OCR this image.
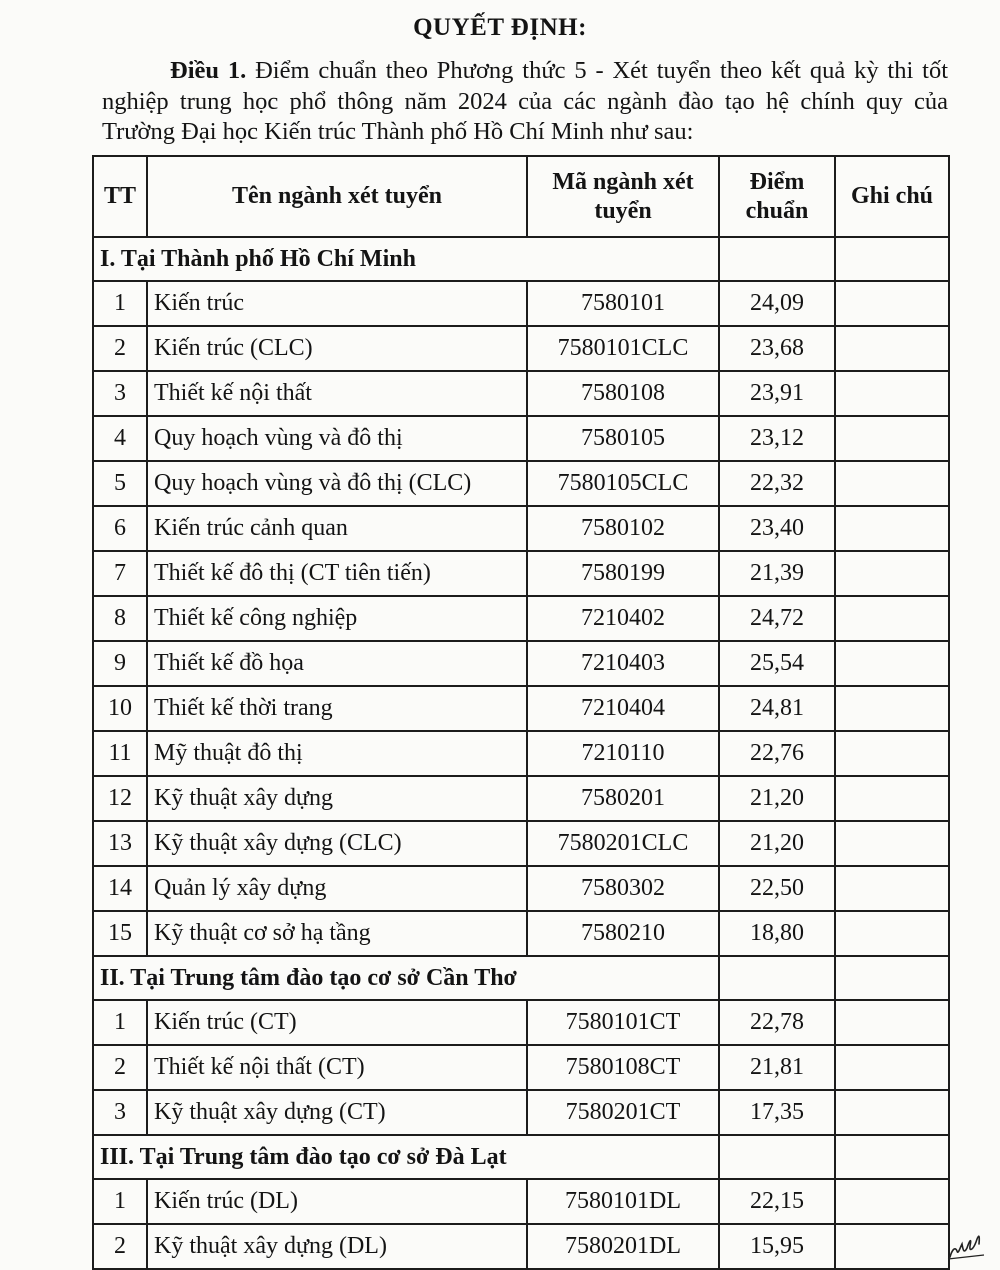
QUYẾT ĐỊNH:

Điều 1. Điểm chuẩn theo Phương thức 5 - Xét tuyển theo kết quả kỳ thi tốt nghiệp trung học phổ thông năm 2024 của các ngành đào tạo hệ chính quy của Trường Đại học Kiến trúc Thành phố Hồ Chí Minh như sau:

TT	Tên ngành xét tuyển	Mã ngành xét tuyển	Điểm chuẩn	Ghi chú
I. Tại Thành phố Hồ Chí Minh				
1	Kiến trúc	7580101	24,09	
2	Kiến trúc (CLC)	7580101CLC	23,68	
3	Thiết kế nội thất	7580108	23,91	
4	Quy hoạch vùng và đô thị	7580105	23,12	
5	Quy hoạch vùng và đô thị (CLC)	7580105CLC	22,32	
6	Kiến trúc cảnh quan	7580102	23,40	
7	Thiết kế đô thị (CT tiên tiến)	7580199	21,39	
8	Thiết kế công nghiệp	7210402	24,72	
9	Thiết kế đồ họa	7210403	25,54	
10	Thiết kế thời trang	7210404	24,81	
11	Mỹ thuật đô thị	7210110	22,76	
12	Kỹ thuật xây dựng	7580201	21,20	
13	Kỹ thuật xây dựng (CLC)	7580201CLC	21,20	
14	Quản lý xây dựng	7580302	22,50	
15	Kỹ thuật cơ sở hạ tầng	7580210	18,80	
II. Tại Trung tâm đào tạo cơ sở Cần Thơ				
1	Kiến trúc (CT)	7580101CT	22,78	
2	Thiết kế nội thất (CT)	7580108CT	21,81	
3	Kỹ thuật xây dựng (CT)	7580201CT	17,35	
III. Tại Trung tâm đào tạo cơ sở Đà Lạt				
1	Kiến trúc (DL)	7580101DL	22,15	
2	Kỹ thuật xây dựng (DL)	7580201DL	15,95	
